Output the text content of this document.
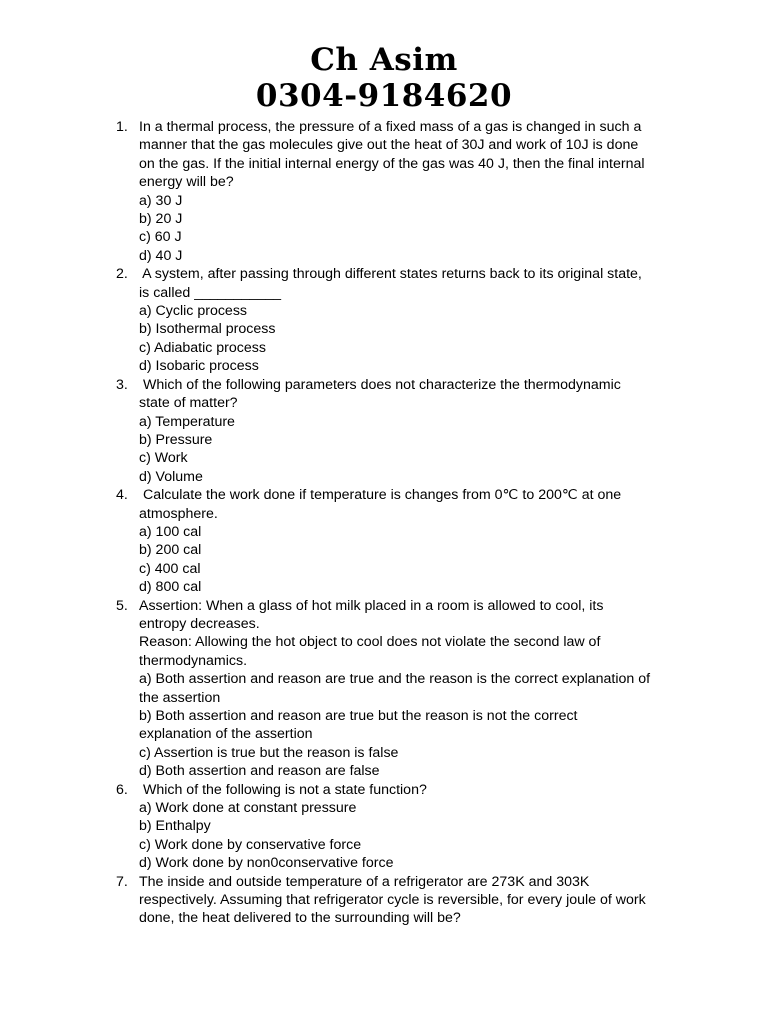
Ch Asim
0304-9184620
1. In a thermal process, the pressure of a fixed mass of a gas is changed in such a
manner that the gas molecules give out the heat of 30J and work of 10J is done
on the gas. If the initial internal energy of the gas was 40 J, then the final internal
energy will be?
a) 30 J
b) 20 J
c) 60 J
d) 40 J
2. A system, after passing through different states returns back to its original state,
is called ___________
a) Cyclic process
b) Isothermal process
c) Adiabatic process
d) Isobaric process
3. Which of the following parameters does not characterize the thermodynamic
state of matter?
a) Temperature
b) Pressure
c) Work
d) Volume
4. Calculate the work done if temperature is changes from 0℃ to 200℃ at one
atmosphere.
a) 100 cal
b) 200 cal
c) 400 cal
d) 800 cal
5. Assertion: When a glass of hot milk placed in a room is allowed to cool, its
entropy decreases.
Reason: Allowing the hot object to cool does not violate the second law of
thermodynamics.
a) Both assertion and reason are true and the reason is the correct explanation of
the assertion
b) Both assertion and reason are true but the reason is not the correct
explanation of the assertion
c) Assertion is true but the reason is false
d) Both assertion and reason are false
6. Which of the following is not a state function?
a) Work done at constant pressure
b) Enthalpy
c) Work done by conservative force
d) Work done by non0conservative force
7. The inside and outside temperature of a refrigerator are 273K and 303K
respectively. Assuming that refrigerator cycle is reversible, for every joule of work
done, the heat delivered to the surrounding will be?
